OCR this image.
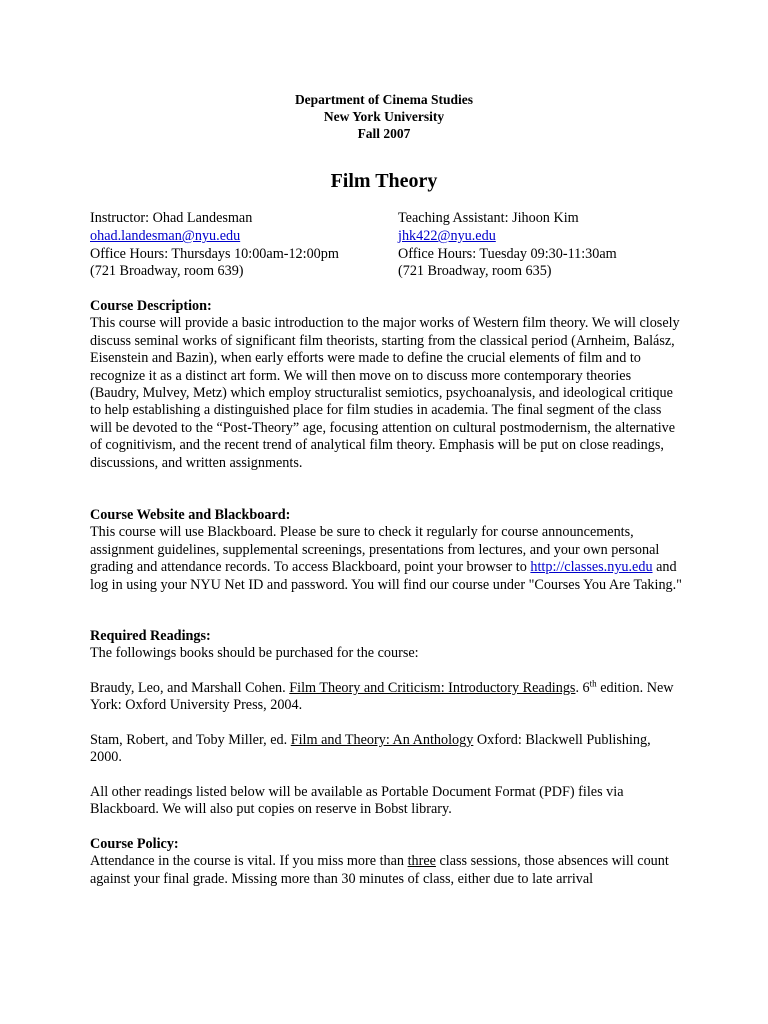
Department of Cinema Studies
New York University
Fall 2007
Film Theory
Instructor: Ohad Landesman
ohad.landesman@nyu.edu
Office Hours: Thursdays 10:00am-12:00pm
(721 Broadway, room 639)
Teaching Assistant: Jihoon Kim
jhk422@nyu.edu
Office Hours: Tuesday 09:30-11:30am
(721 Broadway, room 635)
Course Description:
This course will provide a basic introduction to the major works of Western film theory. We will closely discuss seminal works of significant film theorists, starting from the classical period (Arnheim, Balász, Eisenstein and Bazin), when early efforts were made to define the crucial elements of film and to recognize it as a distinct art form. We will then move on to discuss more contemporary theories (Baudry, Mulvey, Metz) which employ structuralist semiotics, psychoanalysis, and ideological critique to help establishing a distinguished place for film studies in academia. The final segment of the class will be devoted to the “Post-Theory” age, focusing attention on cultural postmodernism, the alternative of cognitivism, and the recent trend of analytical film theory. Emphasis will be put on close readings, discussions, and written assignments.
Course Website and Blackboard:
This course will use Blackboard. Please be sure to check it regularly for course announcements, assignment guidelines, supplemental screenings, presentations from lectures, and your own personal grading and attendance records. To access Blackboard, point your browser to http://classes.nyu.edu and log in using your NYU Net ID and password. You will find our course under "Courses You Are Taking."
Required Readings:
The followings books should be purchased for the course:
Braudy, Leo, and Marshall Cohen. Film Theory and Criticism: Introductory Readings. 6th edition. New York: Oxford University Press, 2004.
Stam, Robert, and Toby Miller, ed. Film and Theory: An Anthology Oxford: Blackwell Publishing, 2000.
All other readings listed below will be available as Portable Document Format (PDF) files via Blackboard. We will also put copies on reserve in Bobst library.
Course Policy:
Attendance in the course is vital. If you miss more than three class sessions, those absences will count against your final grade. Missing more than 30 minutes of class, either due to late arrival
